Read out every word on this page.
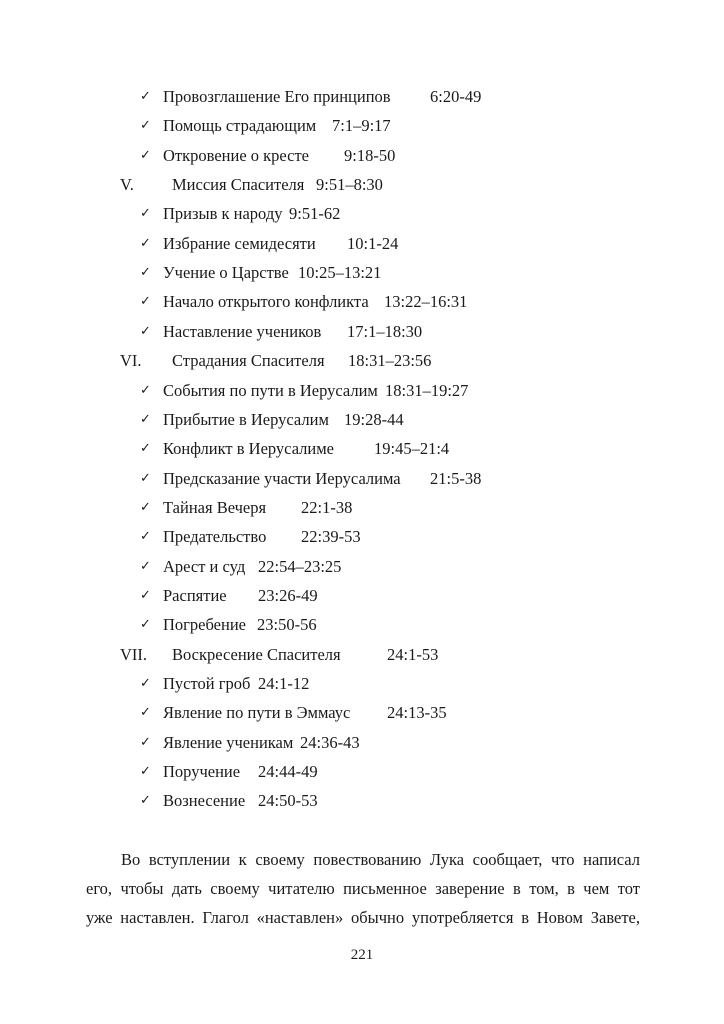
✓ Провозглашение Его принципов 6:20-49
✓ Помощь страдающим 7:1–9:17
✓ Откровение о кресте 9:18-50
V. Миссия Спасителя 9:51–8:30
✓ Призыв к народу 9:51-62
✓ Избрание семидесяти 10:1-24
✓ Учение о Царстве 10:25–13:21
✓ Начало открытого конфликта 13:22–16:31
✓ Наставление учеников 17:1–18:30
VI. Страдания Спасителя 18:31–23:56
✓ События по пути в Иерусалим 18:31–19:27
✓ Прибытие в Иерусалим 19:28-44
✓ Конфликт в Иерусалиме 19:45–21:4
✓ Предсказание участи Иерусалима 21:5-38
✓ Тайная Вечеря 22:1-38
✓ Предательство 22:39-53
✓ Арест и суд 22:54–23:25
✓ Распятие 23:26-49
✓ Погребение 23:50-56
VII. Воскресение Спасителя	24:1-53
✓ Пустой гроб 24:1-12
✓ Явление по пути в Эммаус 24:13-35
✓ Явление ученикам 24:36-43
✓ Поручение 24:44-49
✓ Вознесение 24:50-53
Во вступлении к своему повествованию Лука сообщает, что написал
его, чтобы дать своему читателю письменное заверение в том, в чем тот
уже наставлен. Глагол «наставлен» обычно употребляется в Новом Завете,
221
